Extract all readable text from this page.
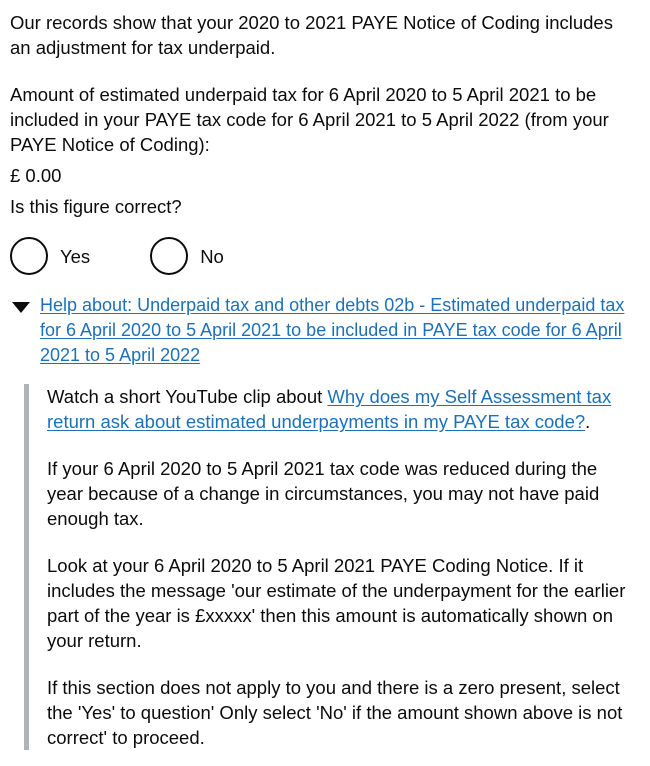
Our records show that your 2020 to 2021 PAYE Notice of Coding includes an adjustment for tax underpaid.

Amount of estimated underpaid tax for 6 April 2020 to 5 April 2021 to be included in your PAYE tax code for 6 April 2021 to 5 April 2022 (from your PAYE Notice of Coding):

£ 0.00
Is this figure correct?
Yes	No
Help about: Underpaid tax and other debts 02b - Estimated underpaid tax for 6 April 2020 to 5 April 2021 to be included in PAYE tax code for 6 April 2021 to 5 April 2022

Watch a short YouTube clip about Why does my Self Assessment tax return ask about estimated underpayments in my PAYE tax code?.

If your 6 April 2020 to 5 April 2021 tax code was reduced during the year because of a change in circumstances, you may not have paid enough tax.

Look at your 6 April 2020 to 5 April 2021 PAYE Coding Notice. If it includes the message 'our estimate of the underpayment for the earlier part of the year is £xxxxx' then this amount is automatically shown on your return.

If this section does not apply to you and there is a zero present, select the 'Yes' to question' Only select 'No' if the amount shown above is not correct' to proceed.
